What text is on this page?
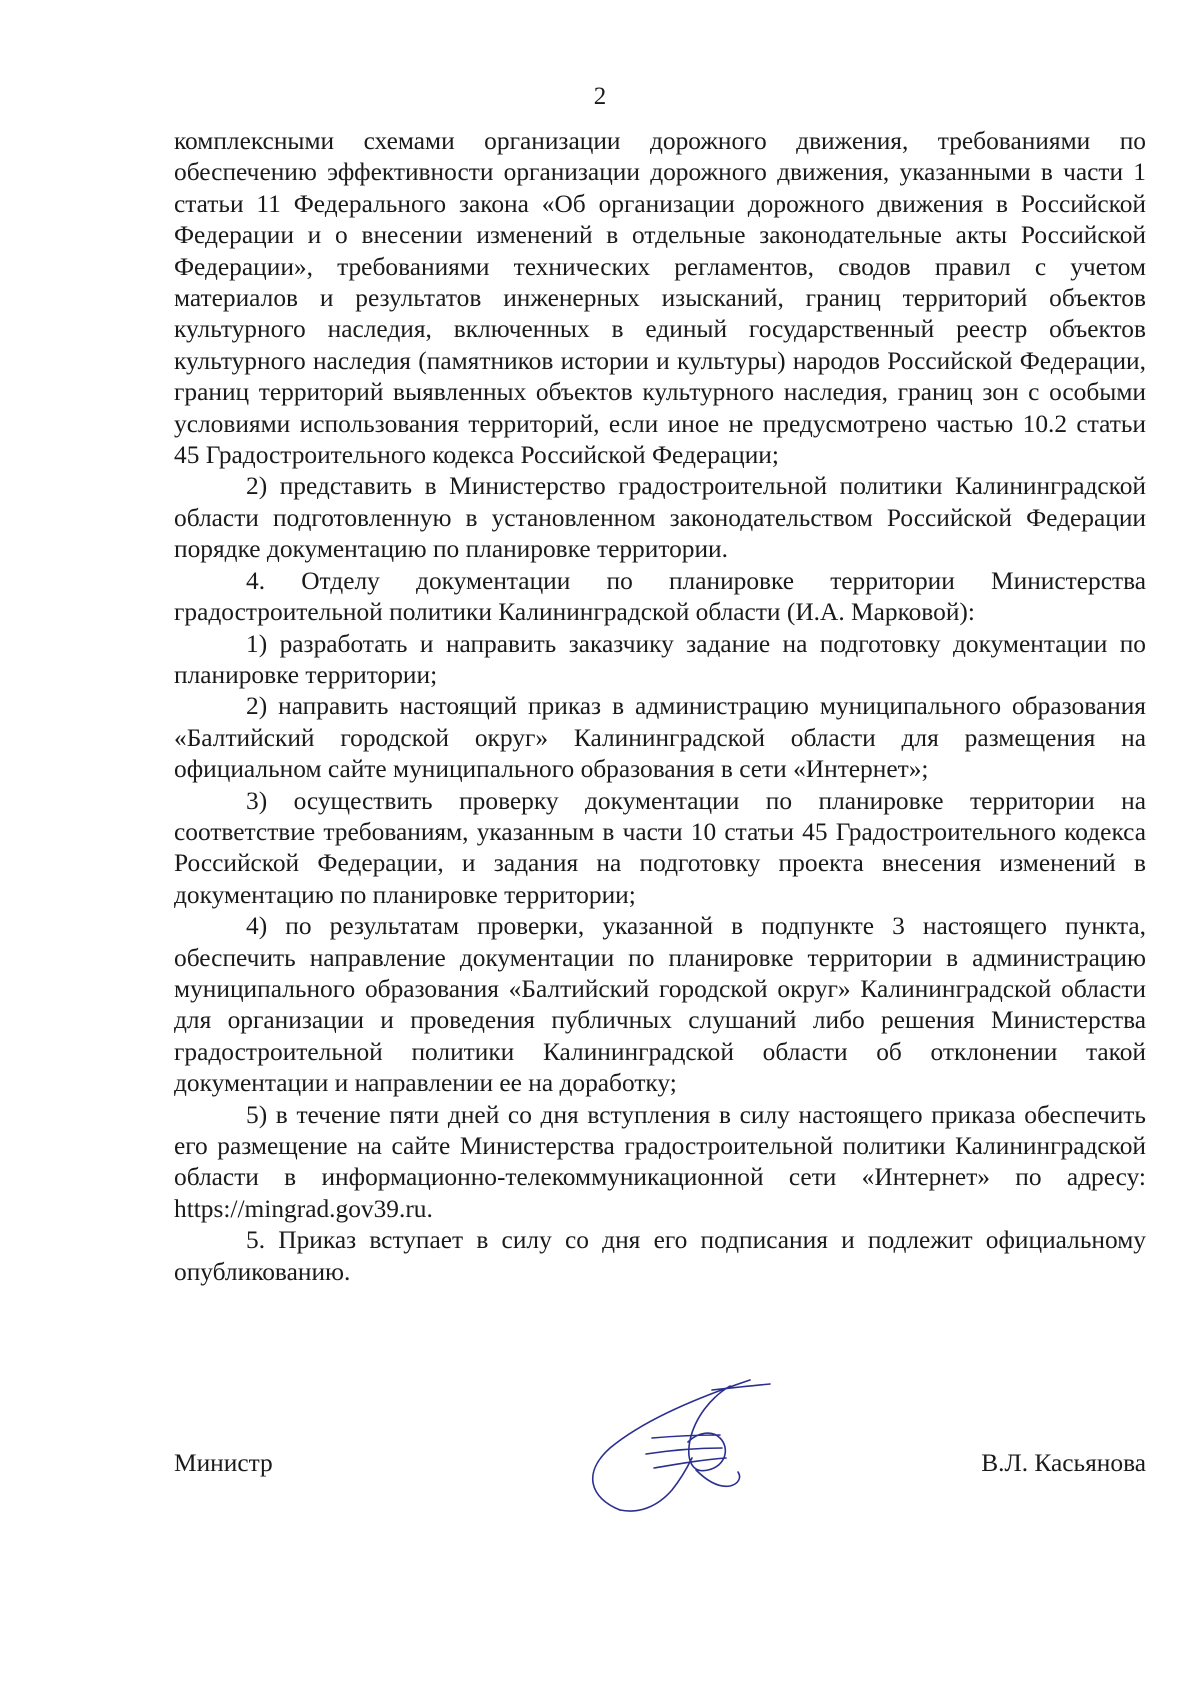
2

комплексными схемами организации дорожного движения, требованиями по обеспечению эффективности организации дорожного движения, указанными в части 1 статьи 11 Федерального закона «Об организации дорожного движения в Российской Федерации и о внесении изменений в отдельные законодательные акты Российской Федерации», требованиями технических регламентов, сводов правил с учетом материалов и результатов инженерных изысканий, границ территорий объектов культурного наследия, включенных в единый государственный реестр объектов культурного наследия (памятников истории и культуры) народов Российской Федерации, границ территорий выявленных объектов культурного наследия, границ зон с особыми условиями использования территорий, если иное не предусмотрено частью 10.2 статьи 45 Градостроительного кодекса Российской Федерации;

2) представить в Министерство градостроительной политики Калининградской области подготовленную в установленном законодательством Российской Федерации порядке документацию по планировке территории.

4. Отделу документации по планировке территории Министерства градостроительной политики Калининградской области (И.А. Марковой):

1) разработать и направить заказчику задание на подготовку документации по планировке территории;

2) направить настоящий приказ в администрацию муниципального образования «Балтийский городской округ» Калининградской области для размещения на официальном сайте муниципального образования в сети «Интернет»;

3) осуществить проверку документации по планировке территории на соответствие требованиям, указанным в части 10 статьи 45 Градостроительного кодекса Российской Федерации, и задания на подготовку проекта внесения изменений в документацию по планировке территории;

4) по результатам проверки, указанной в подпункте 3 настоящего пункта, обеспечить направление документации по планировке территории в администрацию муниципального образования «Балтийский городской округ» Калининградской области для организации и проведения публичных слушаний либо решения Министерства градостроительной политики Калининградской области об отклонении такой документации и направлении ее на доработку;

5) в течение пяти дней со дня вступления в силу настоящего приказа обеспечить его размещение на сайте Министерства градостроительной политики Калининградской области в информационно-телекоммуникационной сети «Интернет» по адресу: https://mingrad.gov39.ru.

5. Приказ вступает в силу со дня его подписания и подлежит официальному опубликованию.

Министр	В.Л. Касьянова
